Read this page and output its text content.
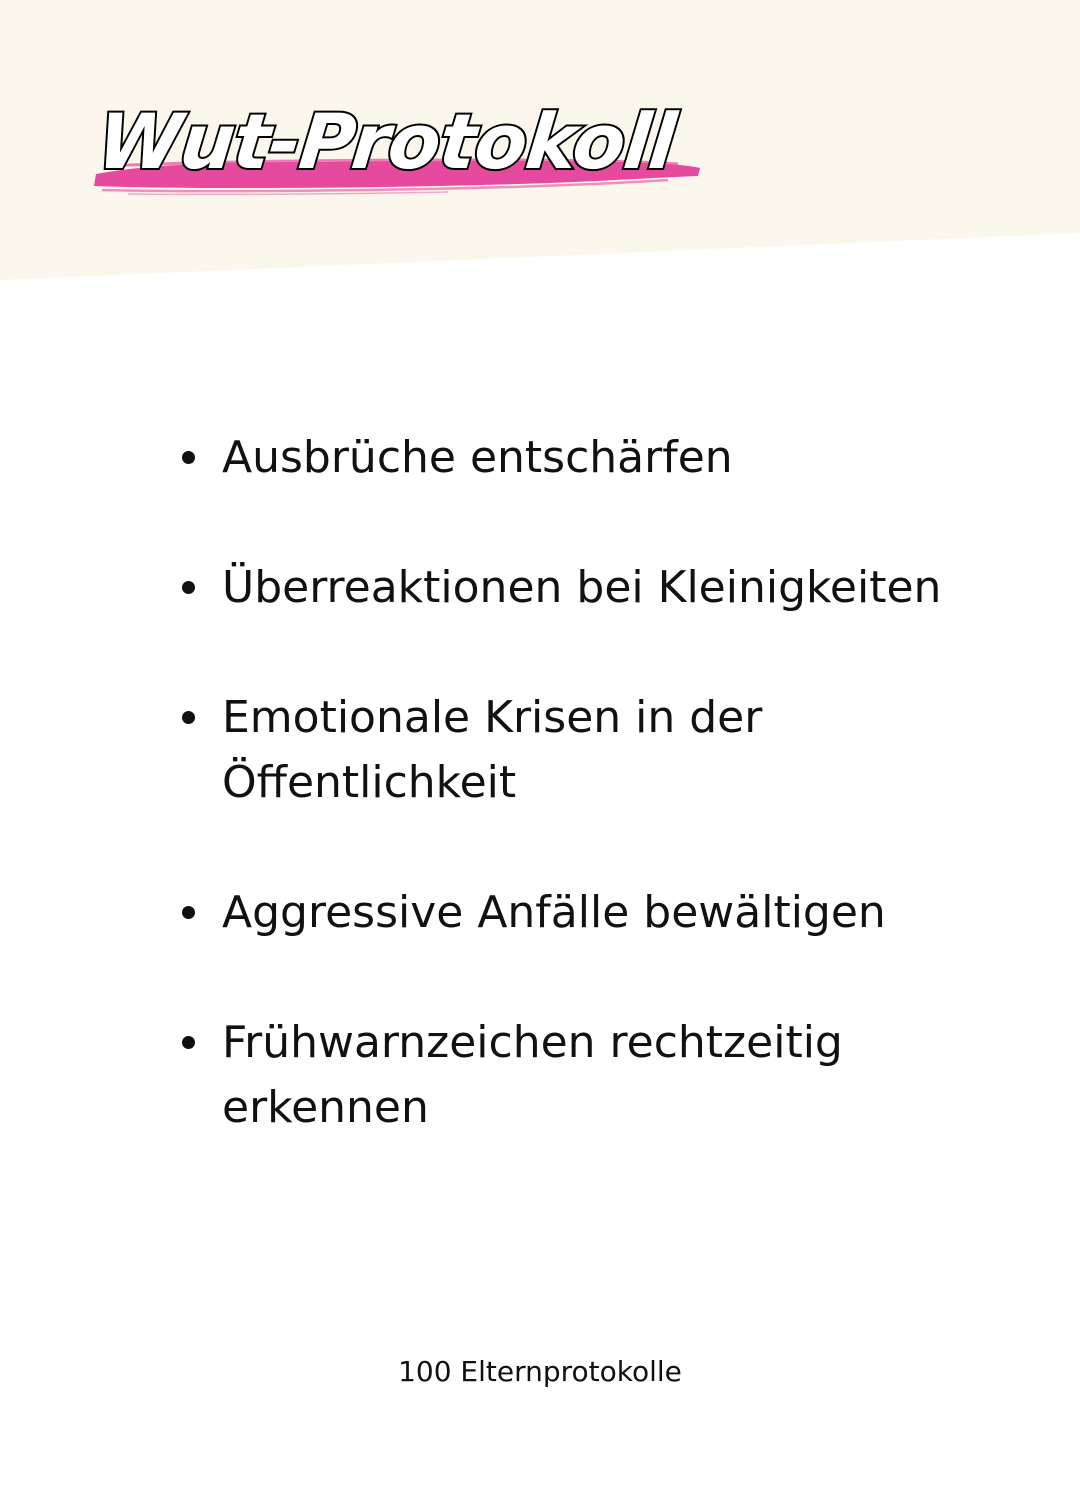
Wut-Protokoll
Ausbrüche entschärfen
Überreaktionen bei Kleinigkeiten
Emotionale Krisen in der Öffentlichkeit
Aggressive Anfälle bewältigen
Frühwarnzeichen rechtzeitig erkennen
100 Elternprotokolle
